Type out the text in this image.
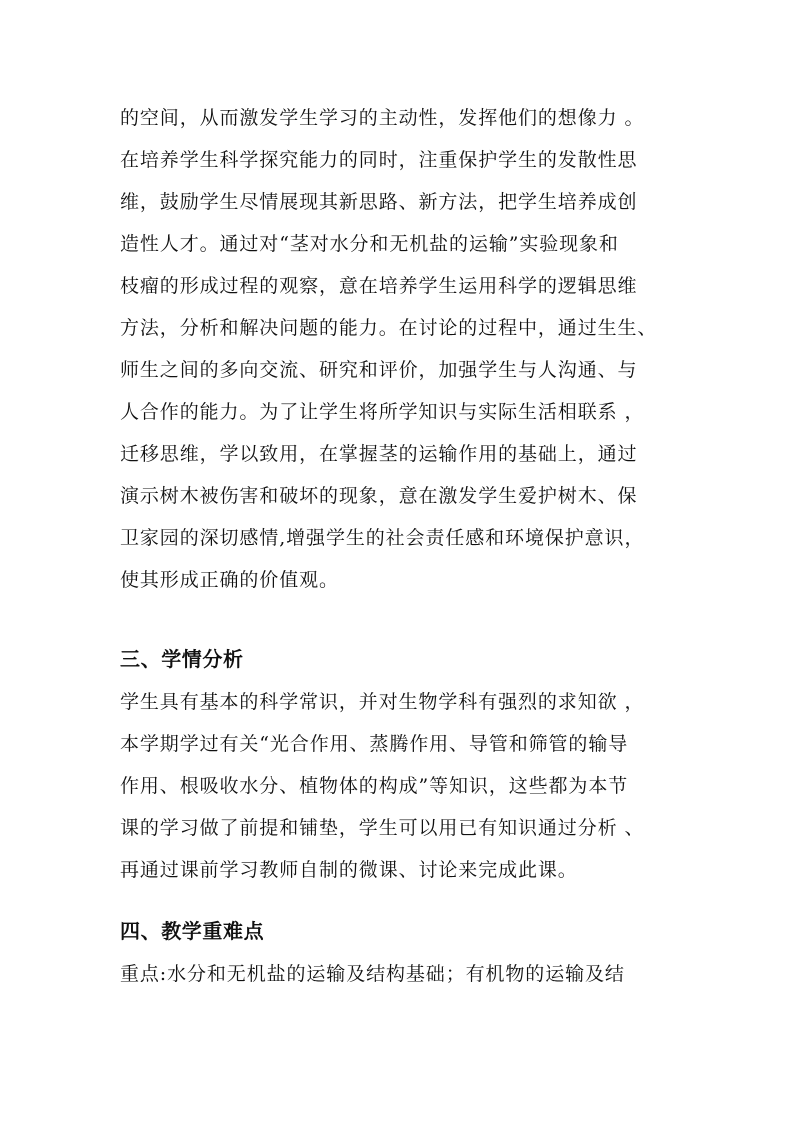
的空间，从而激发学生学习的主动性，发挥他们的想像力 。
在培养学生科学探究能力的同时，注重保护学生的发散性思
维，鼓励学生尽情展现其新思路、新方法，把学生培养成创
造性人才。通过对“茎对水分和无机盐的运输”实验现象和
枝瘤的形成过程的观察，意在培养学生运用科学的逻辑思维
方法，分析和解决问题的能力。在讨论的过程中，通过生生、
师生之间的多向交流、研究和评价，加强学生与人沟通、与
人合作的能力。为了让学生将所学知识与实际生活相联系 ，
迁移思维，学以致用，在掌握茎的运输作用的基础上，通过
演示树木被伤害和破坏的现象，意在激发学生爱护树木、保
卫家园的深切感情,增强学生的社会责任感和环境保护意识，
使其形成正确的价值观。
三、学情分析
学生具有基本的科学常识，并对生物学科有强烈的求知欲 ，
本学期学过有关“光合作用、蒸腾作用、导管和筛管的输导
作用、根吸收水分、植物体的构成”等知识，这些都为本节
课的学习做了前提和铺垫，学生可以用已有知识通过分析 、
再通过课前学习教师自制的微课、讨论来完成此课。
四、教学重难点
重点:水分和无机盐的运输及结构基础；有机物的运输及结
